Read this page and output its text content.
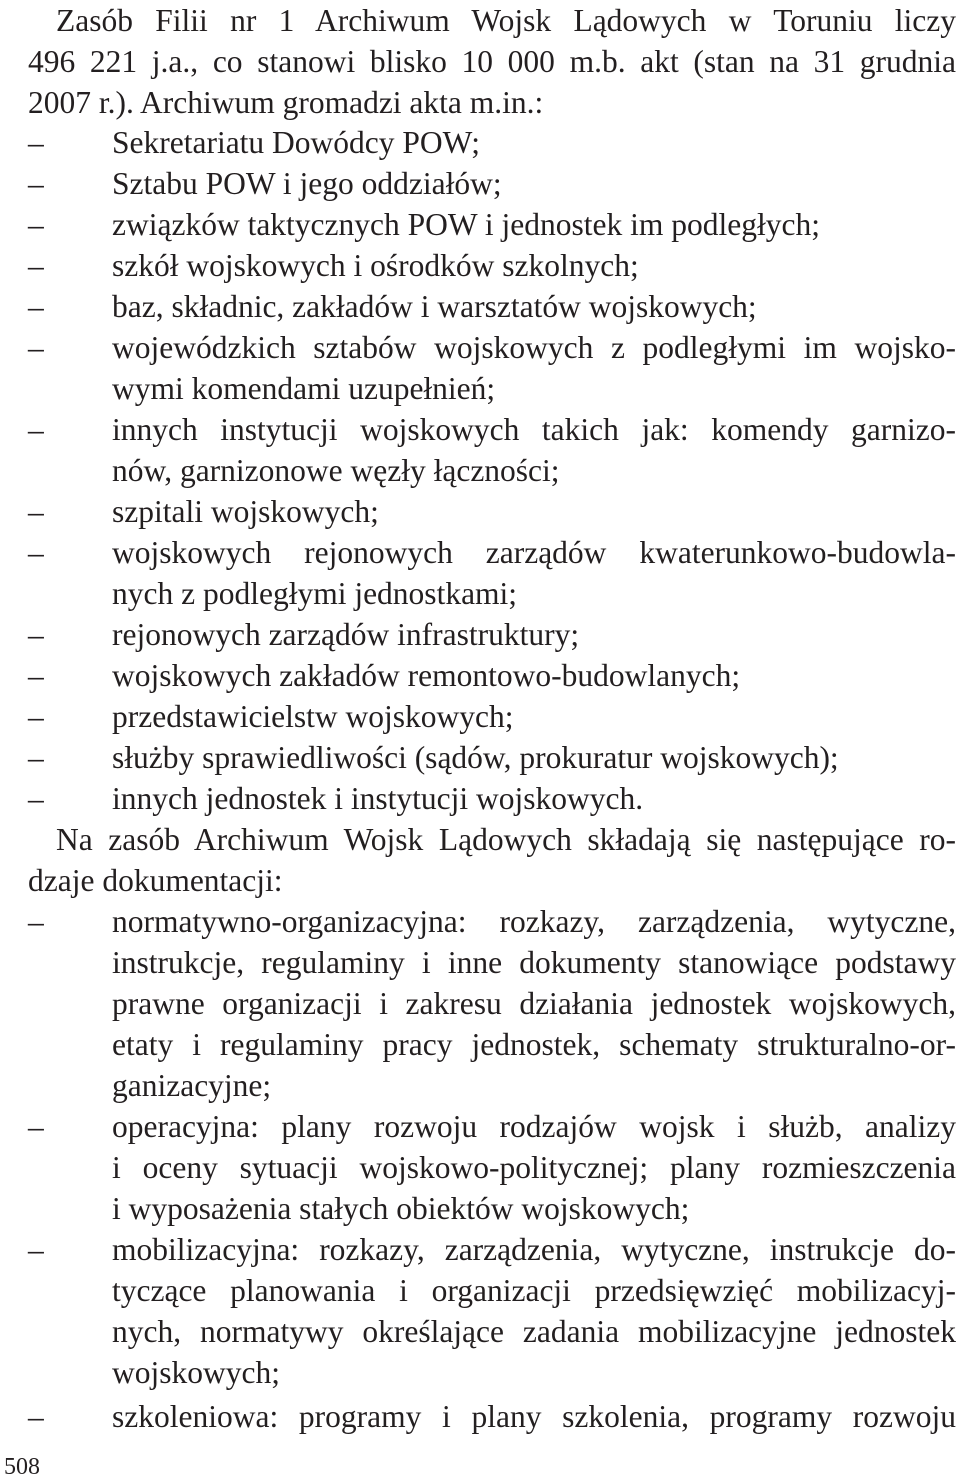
Zasób Filii nr 1 Archiwum Wojsk Lądowych w Toruniu liczy
496 221 j.a., co stanowi blisko 10 000 m.b. akt (stan na 31 grudnia
2007 r.). Archiwum gromadzi akta m.in.:
–	Sekretariatu Dowódcy POW;
–	Sztabu POW i jego oddziałów;
–	związków taktycznych POW i jednostek im podległych;
–	szkół wojskowych i ośrodków szkolnych;
–	baz, składnic, zakładów i warsztatów wojskowych;
–	wojewódzkich sztabów wojskowych z podległymi im wojsko-
wymi komendami uzupełnień;
–	innych instytucji wojskowych takich jak: komendy garnizo-
nów, garnizonowe węzły łączności;
–	szpitali wojskowych;
–	wojskowych rejonowych zarządów kwaterunkowo-budowla-
nych z podległymi jednostkami;
–	rejonowych zarządów infrastruktury;
–	wojskowych zakładów remontowo-budowlanych;
–	przedstawicielstw wojskowych;
–	służby sprawiedliwości (sądów, prokuratur wojskowych);
–	innych jednostek i instytucji wojskowych.
Na zasób Archiwum Wojsk Lądowych składają się następujące ro-
dzaje dokumentacji:
–	normatywno-organizacyjna: rozkazy, zarządzenia, wytyczne,
instrukcje, regulaminy i inne dokumenty stanowiące podstawy
prawne organizacji i zakresu działania jednostek wojskowych,
etaty i regulaminy pracy jednostek, schematy strukturalno-or-
ganizacyjne;
–	operacyjna: plany rozwoju rodzajów wojsk i służb, analizy
i oceny sytuacji wojskowo-politycznej; plany rozmieszczenia
i wyposażenia stałych obiektów wojskowych;
–	mobilizacyjna: rozkazy, zarządzenia, wytyczne, instrukcje do-
tyczące planowania i organizacji przedsięwzięć mobilizacyj-
nych, normatywy określające zadania mobilizacyjne jednostek
wojskowych;
–	szkoleniowa: programy i plany szkolenia, programy rozwoju
508
